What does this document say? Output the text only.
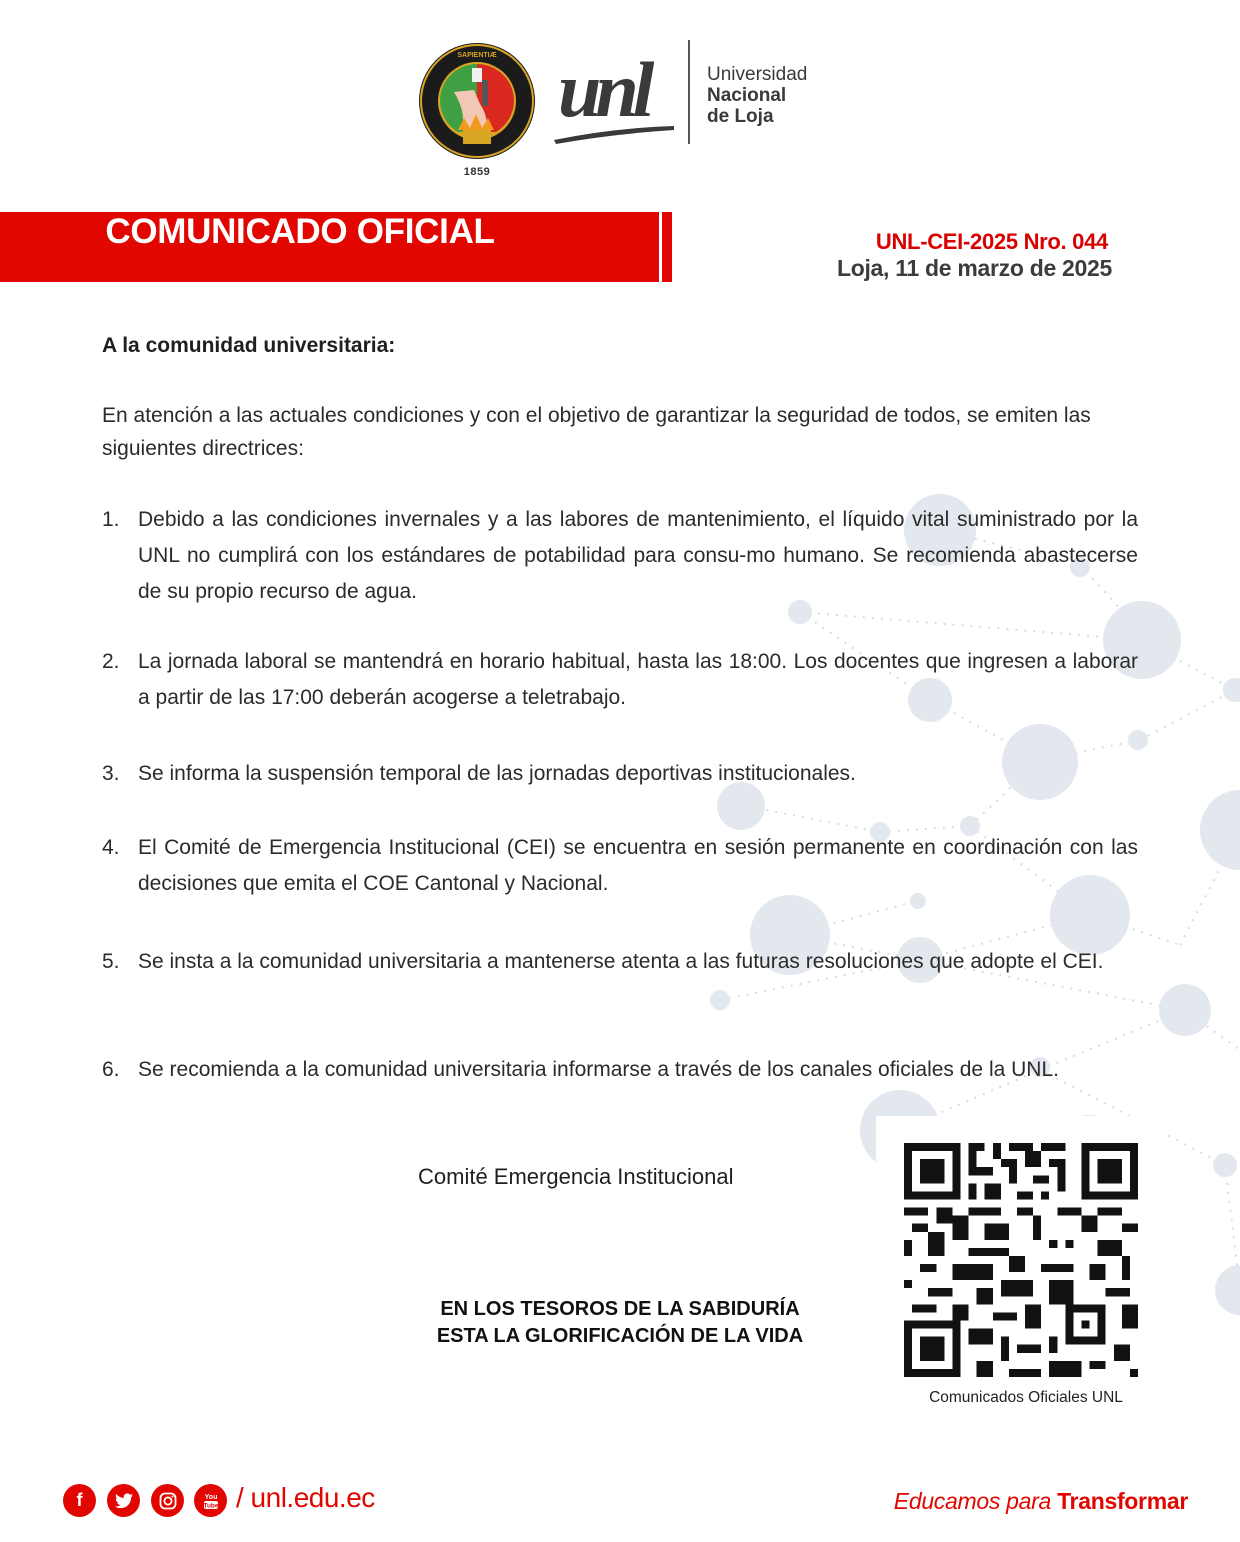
SAPIENTIÆ
1859
unl	Universidad
Nacional
de Loja
COMUNICADO OFICIAL	UNL-CEI-2025 Nro. 044
Loja, 11 de marzo de 2025
A la comunidad universitaria:
En atención a las actuales condiciones y con el objetivo de garantizar la seguridad de todos, se emiten las siguientes directrices:
1. Debido a las condiciones invernales y a las labores de mantenimiento, el líquido vital suministrado por la UNL no cumplirá con los estándares de potabilidad para consu-mo humano. Se recomienda abastecerse de su propio recurso de agua.
2. La jornada laboral se mantendrá en horario habitual, hasta las 18:00. Los docentes que ingresen a laborar a partir de las 17:00 deberán acogerse a teletrabajo.
3. Se informa la suspensión temporal de las jornadas deportivas institucionales.
4. El Comité de Emergencia Institucional (CEI) se encuentra en sesión permanente en coordinación con las decisiones que emita el COE Cantonal y Nacional.
5. Se insta a la comunidad universitaria a mantenerse atenta a las futuras resoluciones que adopte el CEI.
6. Se recomienda a la comunidad universitaria informarse a través de los canales oficiales de la UNL.
Comité Emergencia Institucional
EN LOS TESOROS DE LA SABIDURÍA
ESTA LA GLORIFICACIÓN DE LA VIDA
Comunicados Oficiales UNL
f	You
Tube / unl.edu.ec	Educamos para Transformar
